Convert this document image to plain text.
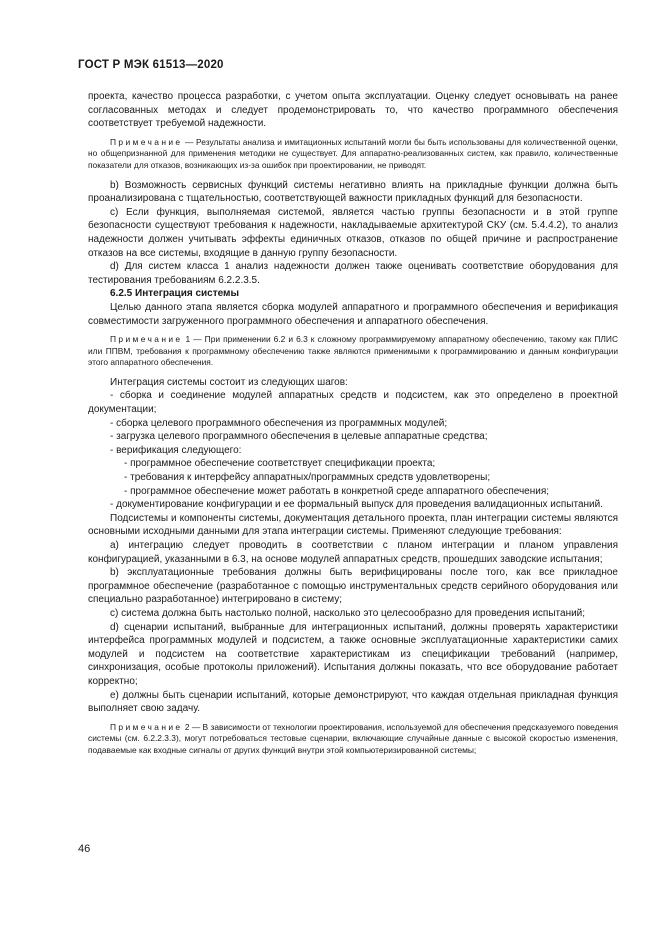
ГОСТ Р МЭК 61513—2020

проекта, качество процесса разработки, с учетом опыта эксплуатации. Оценку следует основывать на ранее согласованных методах и следует продемонстрировать то, что качество программного обеспечения соответствует требуемой надежности.

Примечание — Результаты анализа и имитационных испытаний могли бы быть использованы для количественной оценки, но общепризнанной для применения методики не существует. Для аппаратно-реализованных систем, как правило, количественные показатели для отказов, возникающих из-за ошибок при проектировании, не приводят.

b) Возможность сервисных функций системы негативно влиять на прикладные функции должна быть проанализирована с тщательностью, соответствующей важности прикладных функций для безопасности.

c) Если функция, выполняемая системой, является частью группы безопасности и в этой группе безопасности существуют требования к надежности, накладываемые архитектурой СКУ (см. 5.4.4.2), то анализ надежности должен учитывать эффекты единичных отказов, отказов по общей причине и распространение отказов на все системы, входящие в данную группу безопасности.

d) Для систем класса 1 анализ надежности должен также оценивать соответствие оборудования для тестирования требованиям 6.2.2.3.5.

6.2.5 Интеграция системы

Целью данного этапа является сборка модулей аппаратного и программного обеспечения и верификация совместимости загруженного программного обеспечения и аппаратного обеспечения.

Примечание 1 — При применении 6.2 и 6.3 к сложному программируемому аппаратному обеспечению, такому как ПЛИС или ППВМ, требования к программному обеспечению также являются применимыми к программированию и данным конфигурации этого аппаратного обеспечения.

Интеграция системы состоит из следующих шагов:

- сборка и соединение модулей аппаратных средств и подсистем, как это определено в проектной документации;

- сборка целевого программного обеспечения из программных модулей;

- загрузка целевого программного обеспечения в целевые аппаратные средства;

- верификация следующего:

- программное обеспечение соответствует спецификации проекта;

- требования к интерфейсу аппаратных/программных средств удовлетворены;

- программное обеспечение может работать в конкретной среде аппаратного обеспечения;

- документирование конфигурации и ее формальный выпуск для проведения валидационных испытаний.

Подсистемы и компоненты системы, документация детального проекта, план интеграции системы являются основными исходными данными для этапа интеграции системы. Применяют следующие требования:

a) интеграцию следует проводить в соответствии с планом интеграции и планом управления конфигурацией, указанными в 6.3, на основе модулей аппаратных средств, прошедших заводские испытания;

b) эксплуатационные требования должны быть верифицированы после того, как все прикладное программное обеспечение (разработанное с помощью инструментальных средств серийного оборудования или специально разработанное) интегрировано в систему;

c) система должна быть настолько полной, насколько это целесообразно для проведения испытаний;

d) сценарии испытаний, выбранные для интеграционных испытаний, должны проверять характеристики интерфейса программных модулей и подсистем, а также основные эксплуатационные характеристики самих модулей и подсистем на соответствие характеристикам из спецификации требований (например, синхронизация, особые протоколы приложений). Испытания должны показать, что все оборудование работает корректно;

e) должны быть сценарии испытаний, которые демонстрируют, что каждая отдельная прикладная функция выполняет свою задачу.

Примечание 2 — В зависимости от технологии проектирования, используемой для обеспечения предсказуемого поведения системы (см. 6.2.2.3.3), могут потребоваться тестовые сценарии, включающие случайные данные с высокой скоростью изменения, подаваемые как входные сигналы от других функций внутри этой компьютеризированной системы;

46
